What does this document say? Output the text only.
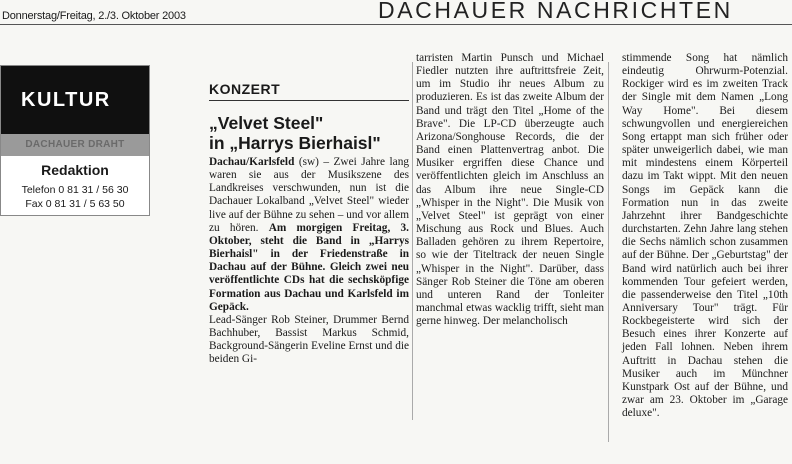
Donnerstag/Freitag, 2./3. Oktober 2003	DACHAUER NACHRICHTEN
KULTUR
DACHAUER DRAHT
Redaktion
Telefon 0 81 31 / 56 30
Fax 0 81 31 / 5 63 50
KONZERT
„Velvet Steel"
in „Harrys Bierhaisl"
Dachau/Karlsfeld (sw) – Zwei Jahre lang waren sie aus der Musikszene des Landkreises verschwunden, nun ist die Dachauer Lokalband „Velvet Steel" wieder live auf der Bühne zu sehen – und vor allem zu hören. Am morgigen Freitag, 3. Oktober, steht die Band in „Harrys Bierhaisl" in der Friedenstraße in Dachau auf der Bühne. Gleich zwei neu veröffentlichte CDs hat die sechsköpfige Formation aus Dachau und Karlsfeld im Gepäck.
Lead-Sänger Rob Steiner, Drummer Bernd Bachhuber, Bassist Markus Schmid, Background-Sängerin Eveline Ernst und die beiden Gi-
tarristen Martin Punsch und Michael Fiedler nutzten ihre auftrittsfreie Zeit, um im Studio ihr neues Album zu produzieren. Es ist das zweite Album der Band und trägt den Titel „Home of the Brave". Die LP-CD überzeugte auch Arizona/Songhouse Records, die der Band einen Plattenvertrag anbot. Die Musiker ergriffen diese Chance und veröffentlichten gleich im Anschluss an das Album ihre neue Single-CD „Whisper in the Night". Die Musik von „Velvet Steel" ist geprägt von einer Mischung aus Rock und Blues. Auch Balladen gehören zu ihrem Repertoire, so wie der Titeltrack der neuen Single „Whisper in the Night". Darüber, dass Sänger Rob Steiner die Töne am oberen und unteren Rand der Tonleiter manchmal etwas wacklig trifft, sieht man gerne hinweg. Der melancholisch
stimmende Song hat nämlich eindeutig Ohrwurm-Potenzial. Rockiger wird es im zweiten Track der Single mit dem Namen „Long Way Home". Bei diesem schwungvollen und energiereichen Song ertappt man sich früher oder später unweigerlich dabei, wie man mit mindestens einem Körperteil dazu im Takt wippt. Mit den neuen Songs im Gepäck kann die Formation nun in das zweite Jahrzehnt ihrer Bandgeschichte durchstarten. Zehn Jahre lang stehen die Sechs nämlich schon zusammen auf der Bühne. Der „Geburtstag" der Band wird natürlich auch bei ihrer kommenden Tour gefeiert werden, die passenderweise den Titel „10th Anniversary Tour" trägt. Für Rockbegeisterte wird sich der Besuch eines ihrer Konzerte auf jeden Fall lohnen. Neben ihrem Auftritt in Dachau stehen die Musiker auch im Münchner Kunstpark Ost auf der Bühne, und zwar am 23. Oktober im „Garage deluxe".
